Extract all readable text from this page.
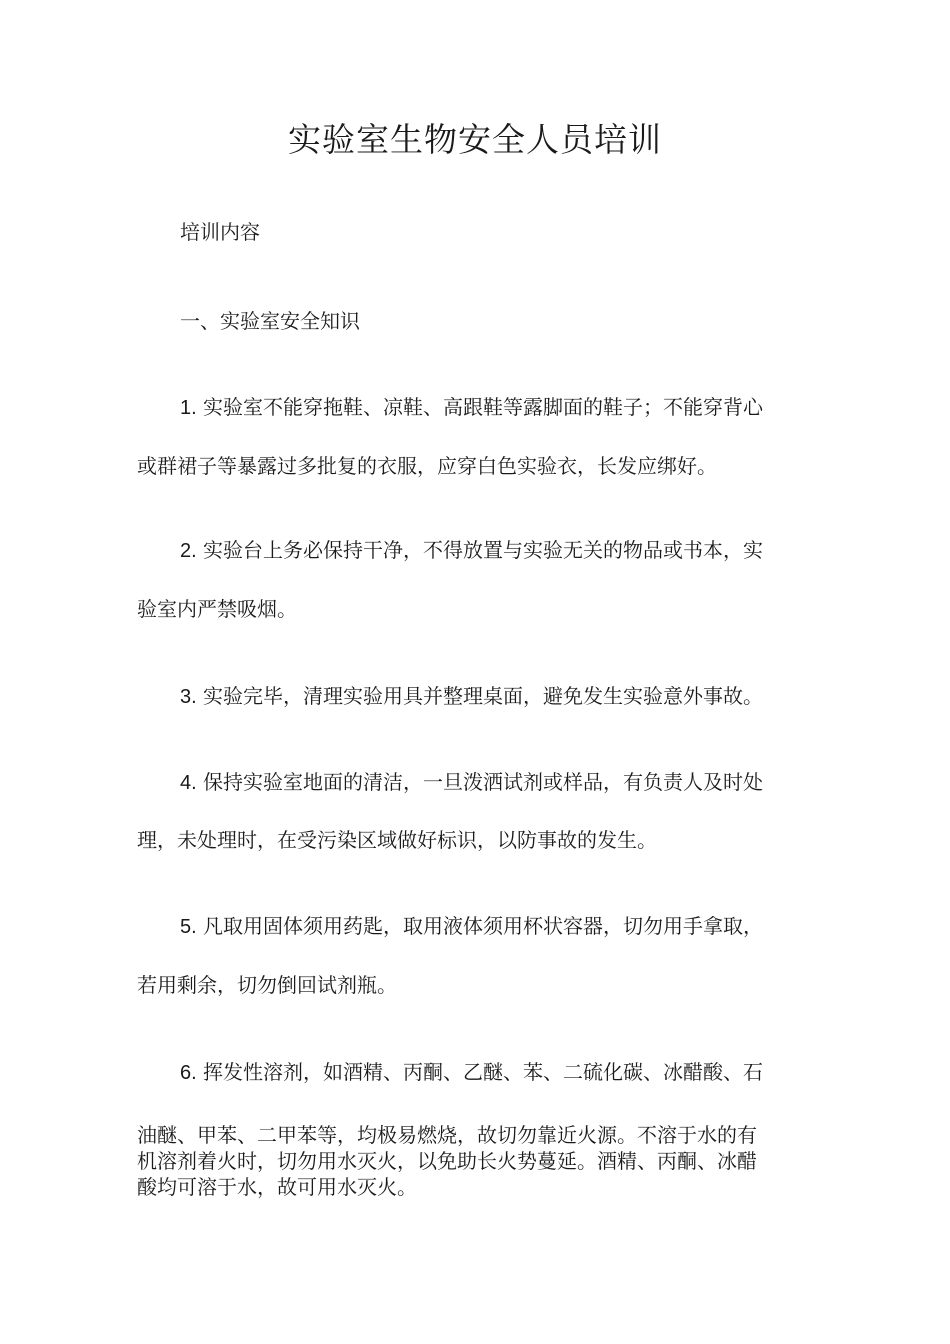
实验室生物安全人员培训
培训内容
一、实验室安全知识
1. 实验室不能穿拖鞋、凉鞋、高跟鞋等露脚面的鞋子；不能穿背心
或群裙子等暴露过多批复的衣服，应穿白色实验衣，长发应绑好。
2. 实验台上务必保持干净，不得放置与实验无关的物品或书本，实
验室内严禁吸烟。
3. 实验完毕，清理实验用具并整理桌面，避免发生实验意外事故。
4. 保持实验室地面的清洁，一旦泼洒试剂或样品，有负责人及时处
理，未处理时，在受污染区域做好标识，以防事故的发生。
5. 凡取用固体须用药匙，取用液体须用杯状容器，切勿用手拿取，
若用剩余，切勿倒回试剂瓶。
6. 挥发性溶剂，如酒精、丙酮、乙醚、苯、二硫化碳、冰醋酸、石
油醚、甲苯、二甲苯等，均极易燃烧，故切勿靠近火源。不溶于水的有
机溶剂着火时，切勿用水灭火，以免助长火势蔓延。酒精、丙酮、冰醋
酸均可溶于水，故可用水灭火。
